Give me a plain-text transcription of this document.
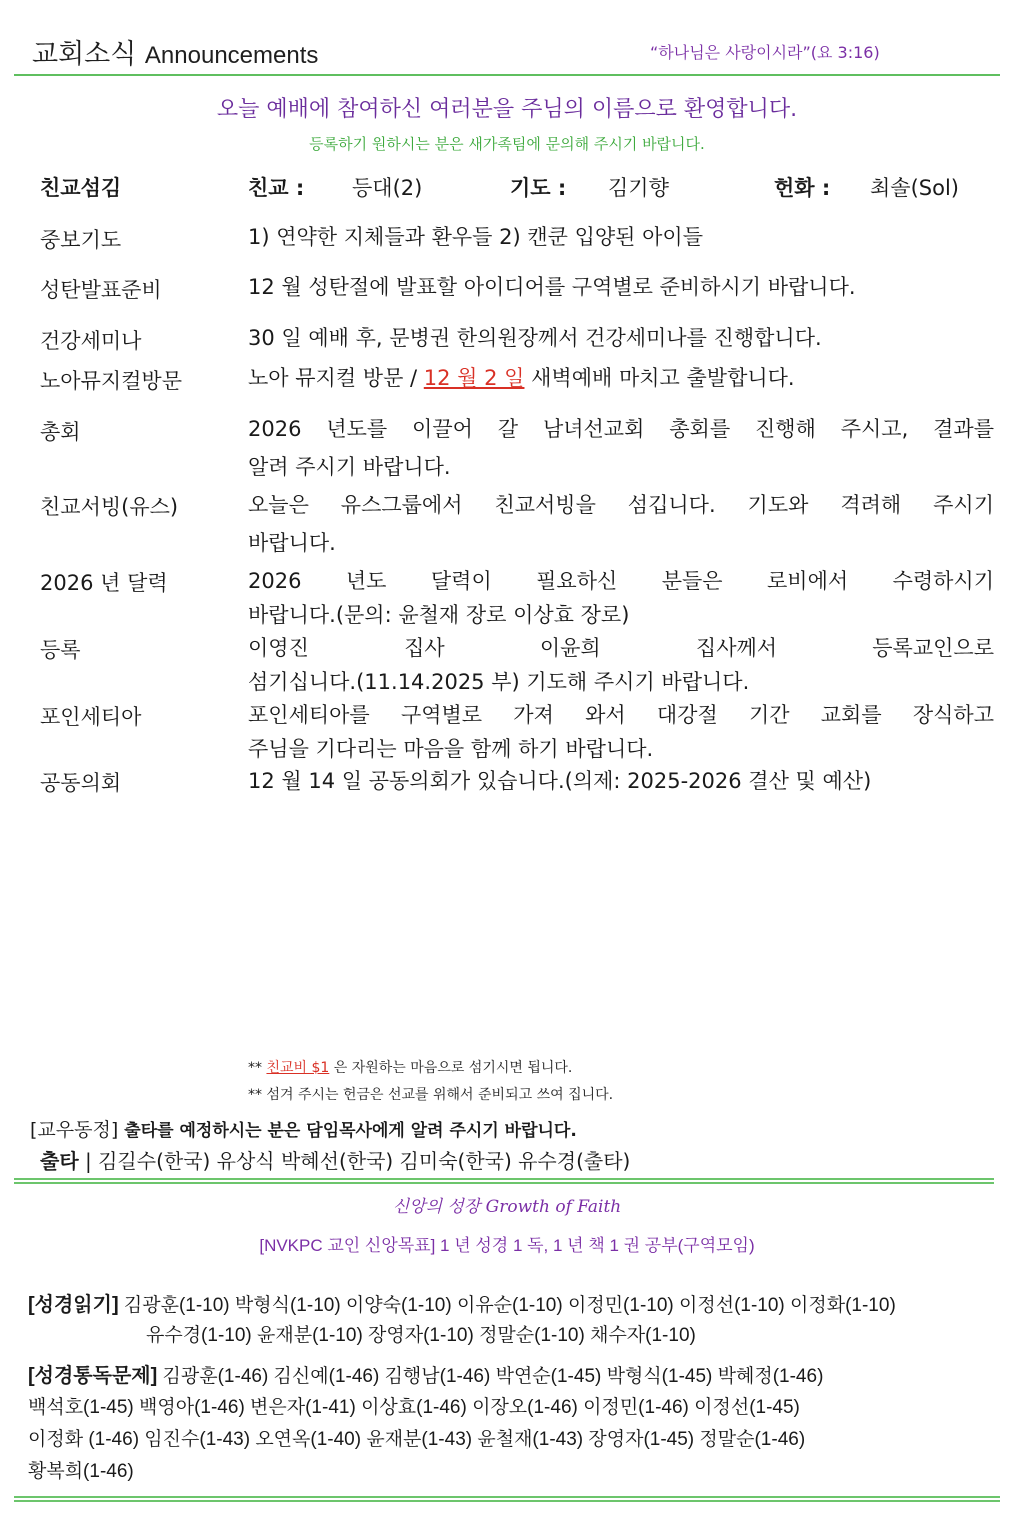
교회소식 Announcements	“하나님은 사랑이시라”(요 3:16)
오늘 예배에 참여하신 여러분을 주님의 이름으로 환영합니다.
등록하기 원하시는 분은 새가족팀에 문의해 주시기 바랍니다.
친교섬김	친교 : 등대(2)	기도 : 김기향	헌화 : 최솔(Sol)
중보기도	1) 연약한 지체들과 환우들 2) 캔쿤 입양된 아이들
성탄발표준비	12 월 성탄절에 발표할 아이디어를 구역별로 준비하시기 바랍니다.
건강세미나	30 일 예배 후, 문병권 한의원장께서 건강세미나를 진행합니다.
노아뮤지컬방문	노아 뮤지컬 방문 / 12 월 2 일 새벽예배 마치고 출발합니다.
총회	2026 년도를 이끌어 갈 남녀선교회 총회를 진행해 주시고, 결과를
알려 주시기 바랍니다.
친교서빙(유스)	오늘은 유스그룹에서 친교서빙을 섬깁니다. 기도와 격려해 주시기
바랍니다.
2026 년 달력	2026 년도 달력이 필요하신 분들은 로비에서 수령하시기
바랍니다.(문의: 윤철재 장로 이상효 장로)
등록	이영진 집사 이윤희 집사께서 등록교인으로
섬기십니다.(11.14.2025 부) 기도해 주시기 바랍니다.
포인세티아	포인세티아를 구역별로 가져 와서 대강절 기간 교회를 장식하고
주님을 기다리는 마음을 함께 하기 바랍니다.
공동의회	12 월 14 일 공동의회가 있습니다.(의제: 2025-2026 결산 및 예산)
** 친교비 $1 은 자원하는 마음으로 섬기시면 됩니다.
** 섬겨 주시는 헌금은 선교를 위해서 준비되고 쓰여 집니다.
[교우동정] 출타를 예정하시는 분은 담임목사에게 알려 주시기 바랍니다.
출타 | 김길수(한국) 유상식 박혜선(한국) 김미숙(한국) 유수경(출타)
신앙의 성장 Growth of Faith
[NVKPC 교인 신앙목표] 1 년 성경 1 독, 1 년 책 1 권 공부(구역모임)
[성경읽기] 김광훈(1-10) 박형식(1-10) 이양숙(1-10) 이유순(1-10) 이정민(1-10) 이정선(1-10) 이정화(1-10)
유수경(1-10) 윤재분(1-10) 장영자(1-10) 정말순(1-10) 채수자(1-10)
[성경통독문제] 김광훈(1-46) 김신예(1-46) 김행남(1-46) 박연순(1-45) 박형식(1-45) 박혜정(1-46)
백석호(1-45) 백영아(1-46) 변은자(1-41) 이상효(1-46) 이장오(1-46) 이정민(1-46) 이정선(1-45)
이정화 (1-46) 임진수(1-43) 오연옥(1-40) 윤재분(1-43) 윤철재(1-43) 장영자(1-45) 정말순(1-46)
황복희(1-46)
